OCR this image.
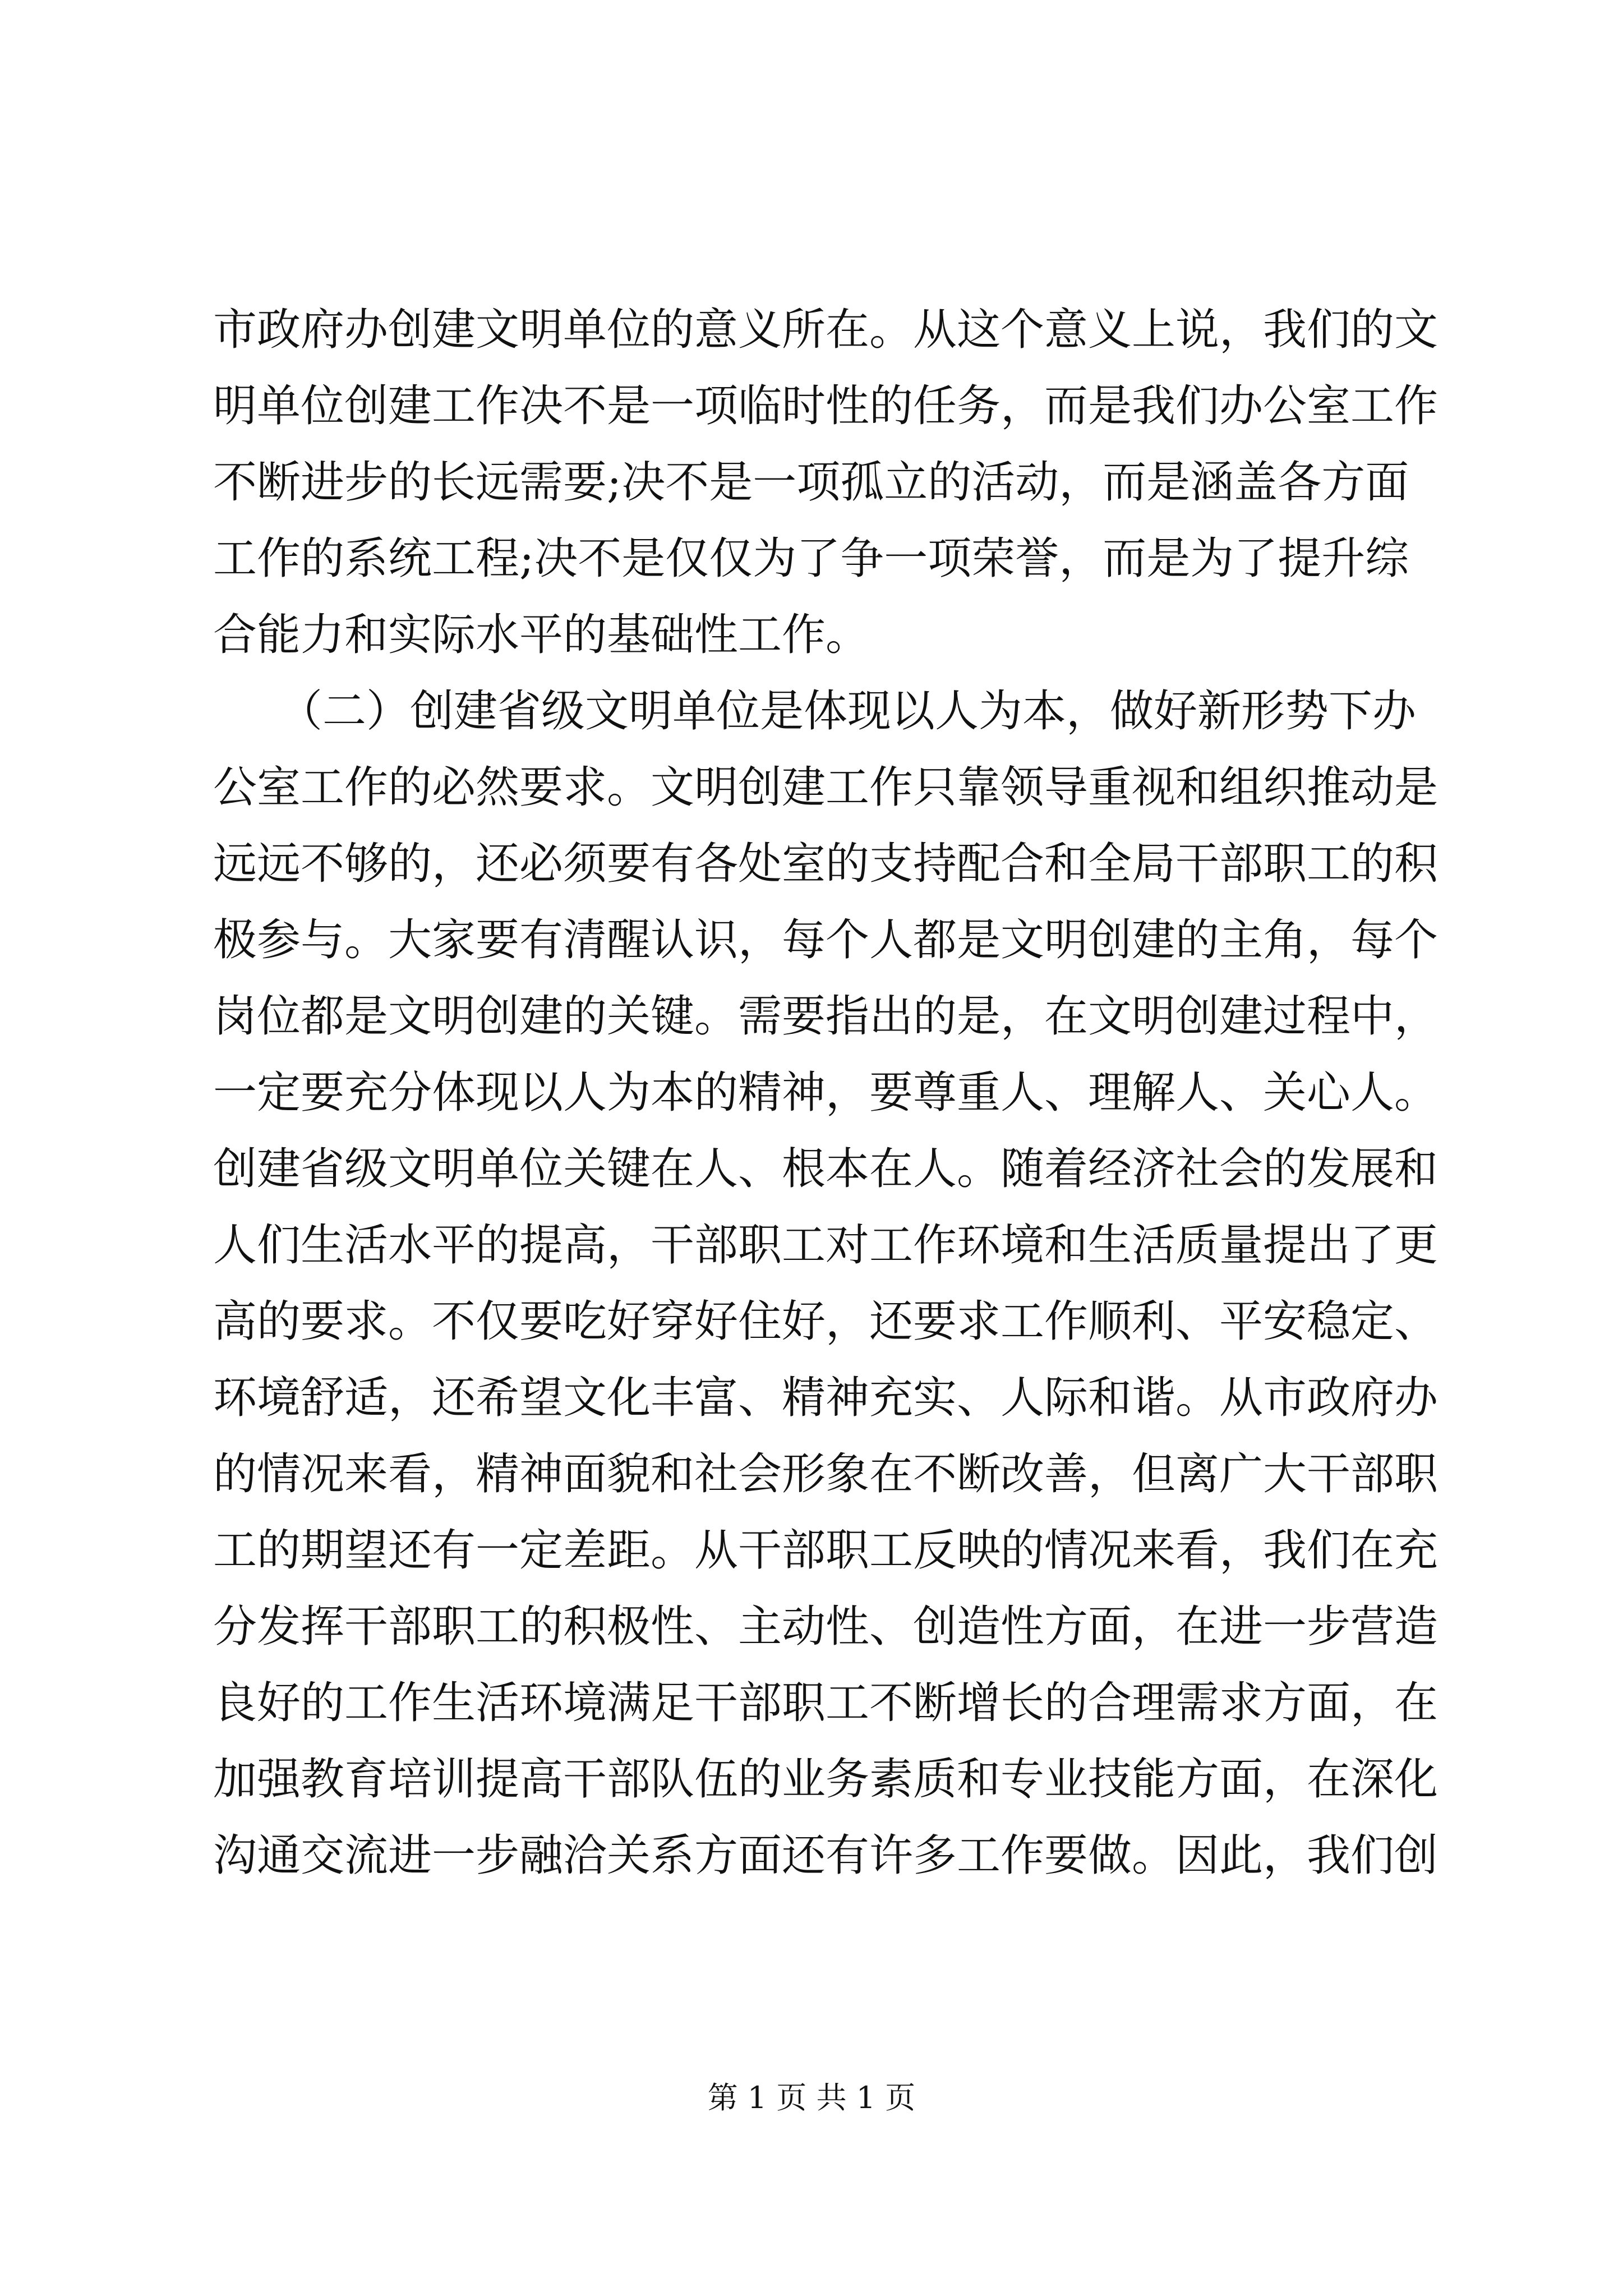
市政府办创建文明单位的意义所在。从这个意义上说，我们的文
明单位创建工作决不是一项临时性的任务，而是我们办公室工作
不断进步的长远需要;决不是一项孤立的活动，而是涵盖各方面
工作的系统工程;决不是仅仅为了争一项荣誉，而是为了提升综
合能力和实际水平的基础性工作。
　　（二）创建省级文明单位是体现以人为本，做好新形势下办
公室工作的必然要求。文明创建工作只靠领导重视和组织推动是
远远不够的，还必须要有各处室的支持配合和全局干部职工的积
极参与。大家要有清醒认识，每个人都是文明创建的主角，每个
岗位都是文明创建的关键。需要指出的是，在文明创建过程中，
一定要充分体现以人为本的精神，要尊重人、理解人、关心人。
创建省级文明单位关键在人、根本在人。随着经济社会的发展和
人们生活水平的提高，干部职工对工作环境和生活质量提出了更
高的要求。不仅要吃好穿好住好，还要求工作顺利、平安稳定、
环境舒适，还希望文化丰富、精神充实、人际和谐。从市政府办
的情况来看，精神面貌和社会形象在不断改善，但离广大干部职
工的期望还有一定差距。从干部职工反映的情况来看，我们在充
分发挥干部职工的积极性、主动性、创造性方面，在进一步营造
良好的工作生活环境满足干部职工不断增长的合理需求方面，在
加强教育培训提高干部队伍的业务素质和专业技能方面，在深化
沟通交流进一步融洽关系方面还有许多工作要做。因此，我们创
第 1 页 共 1 页
